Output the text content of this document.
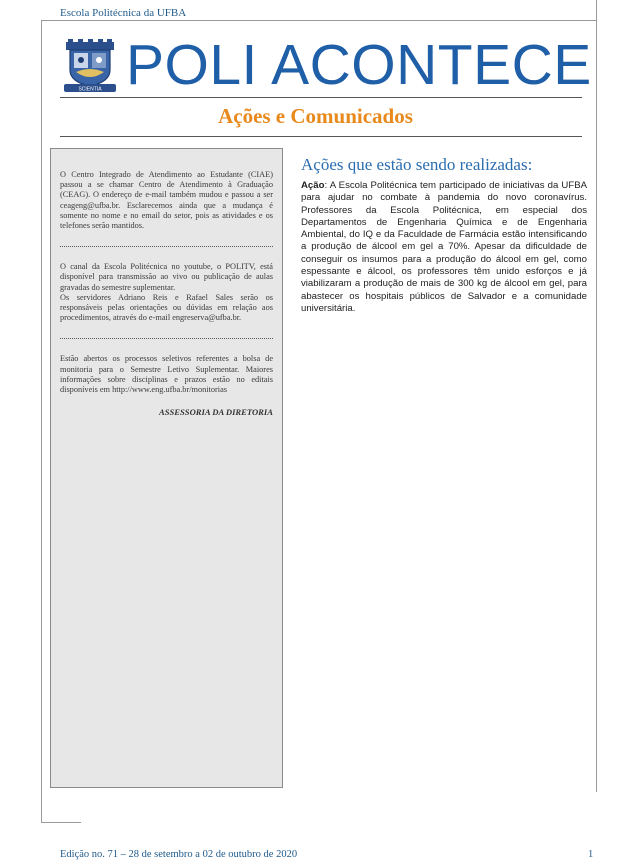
Escola Politécnica da UFBA
SCIENTIA POLI ACONTECE
Ações e Comunicados

O Centro Integrado de Atendimento ao Estudante (CIAE) passou a se chamar Centro de Atendimento à Graduação (CEAG). O endereço de e-mail também mudou e passou a ser ceageng@ufba.br. Esclarecemos ainda que a mudança é somente no nome e no email do setor, pois as atividades e os telefones serão mantidos.

O canal da Escola Politécnica no youtube, o POLITV, está disponível para transmissão ao vivo ou publicação de aulas gravadas do semestre suplementar.

Os servidores Adriano Reis e Rafael Sales serão os responsáveis pelas orientações ou dúvidas em relação aos procedimentos, através do e-mail engreserva@ufba.br.

Estão abertos os processos seletivos referentes a bolsa de monitoria para o Semestre Letivo Suplementar. Maiores informações sobre disciplinas e prazos estão no editais disponíveis em http://www.eng.ufba.br/monitorias

ASSESSORIA DA DIRETORIA
Ações que estão sendo realizadas:
Ação: A Escola Politécnica tem participado de iniciativas da UFBA para ajudar no combate à pandemia do novo coronavírus. Professores da Escola Politécnica, em especial dos Departamentos de Engenharia Química e de Engenharia Ambiental, do IQ e da Faculdade de Farmácia estão intensificando a produção de álcool em gel a 70%. Apesar da dificuldade de conseguir os insumos para a produção do álcool em gel, como espessante e álcool, os professores têm unido esforços e já viabilizaram a produção de mais de 300 kg de álcool em gel, para abastecer os hospitais públicos de Salvador e a comunidade universitária.
Edição no. 71 – 28 de setembro a 02 de outubro de 2020	1
